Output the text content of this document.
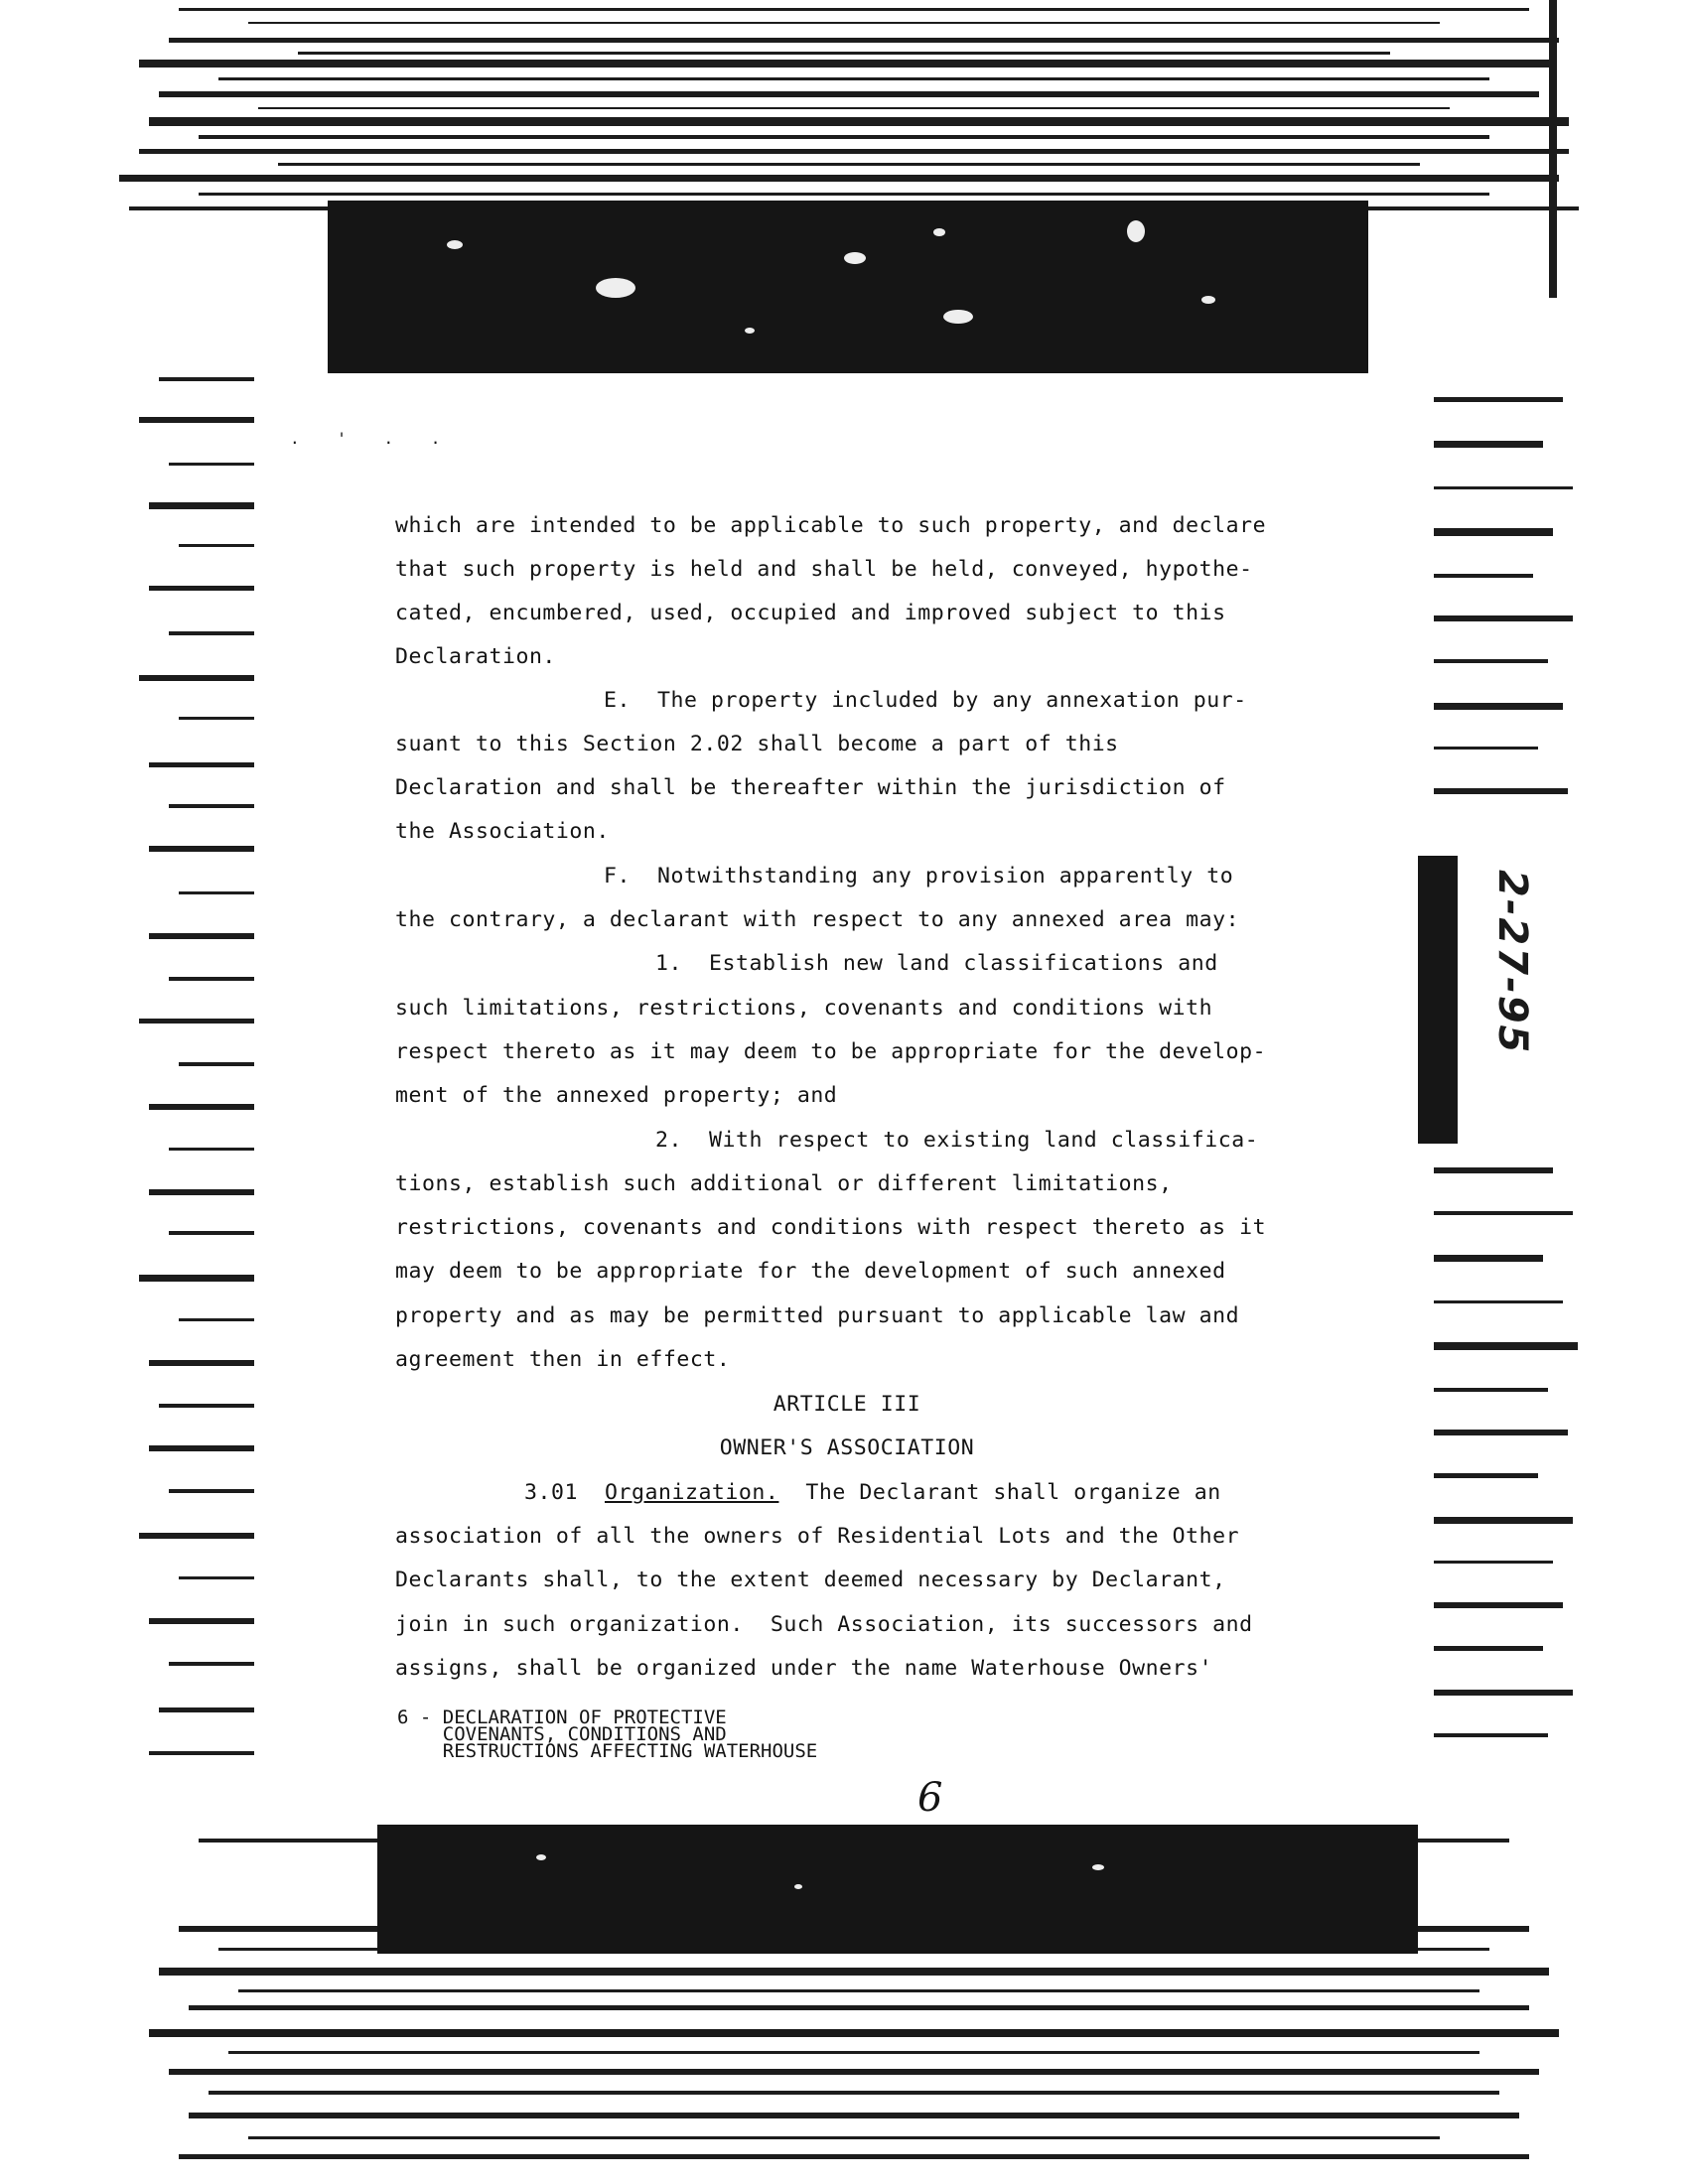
2-27-95
. ' . .
which are intended to be applicable to such property, and declare
that such property is held and shall be held, conveyed, hypothe-
cated, encumbered, used, occupied and improved subject to this
Declaration.
E.  The property included by any annexation pur-
suant to this Section 2.02 shall become a part of this
Declaration and shall be thereafter within the jurisdiction of
the Association.
F.  Notwithstanding any provision apparently to
the contrary, a declarant with respect to any annexed area may:
1.  Establish new land classifications and
such limitations, restrictions, covenants and conditions with
respect thereto as it may deem to be appropriate for the develop-
ment of the annexed property; and
2.  With respect to existing land classifica-
tions, establish such additional or different limitations,
restrictions, covenants and conditions with respect thereto as it
may deem to be appropriate for the development of such annexed
property and as may be permitted pursuant to applicable law and
agreement then in effect.
ARTICLE III
OWNER'S ASSOCIATION
3.01 Organization.  The Declarant shall organize an
association of all the owners of Residential Lots and the Other
Declarants shall, to the extent deemed necessary by Declarant,
join in such organization.  Such Association, its successors and
assigns, shall be organized under the name Waterhouse Owners'
6 - DECLARATION OF PROTECTIVE
COVENANTS, CONDITIONS AND
RESTRUCTIONS AFFECTING WATERHOUSE
6
